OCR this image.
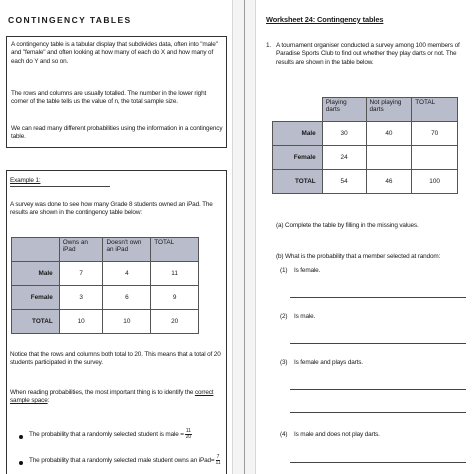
CONTINGENCY TABLES
A contingency table is a tabular display that subdivides data, often into "male" and "female" and often looking at how many of each do X and how many of each do Y and so on.
The rows and columns are usually totalled. The number in the lower right corner of the table tells us the value of n, the total sample size.
We can read many different probabilities using the information in a contingency table.
Example 1:
A survey was done to see how many Grade 8 students owned an iPad. The results are shown in the contingency table below:
	Owns an iPad	Doesn't own an iPad	TOTAL
Male	7	4	11
Female	3	6	9
TOTAL	10	10	20
Notice that the rows and columns both total to 20. This means that a total of 20 students participated in the survey.
When reading probabilities, the most important thing is to identify the correct sample space:
The probability that a randomly selected student is male = $\frac{11}{20}$
The probability that a randomly selected male student owns an iPad= $\frac{7}{11}$
Worksheet 24: Contingency tables
1. A tournament organiser conducted a survey among 100 members of Paradise Sports Club to find out whether they play darts or not. The results are shown in the table below.
	Playing darts	Not playing darts	TOTAL
Male	30	40	70
Female	24		
TOTAL	54	46	100
(a) Complete the table by filling in the missing values.
(b) What is the probability that a member selected at random:
(1) Is female.
(2) Is male.
(3) Is female and plays darts.
(4) Is male and does not play darts.
